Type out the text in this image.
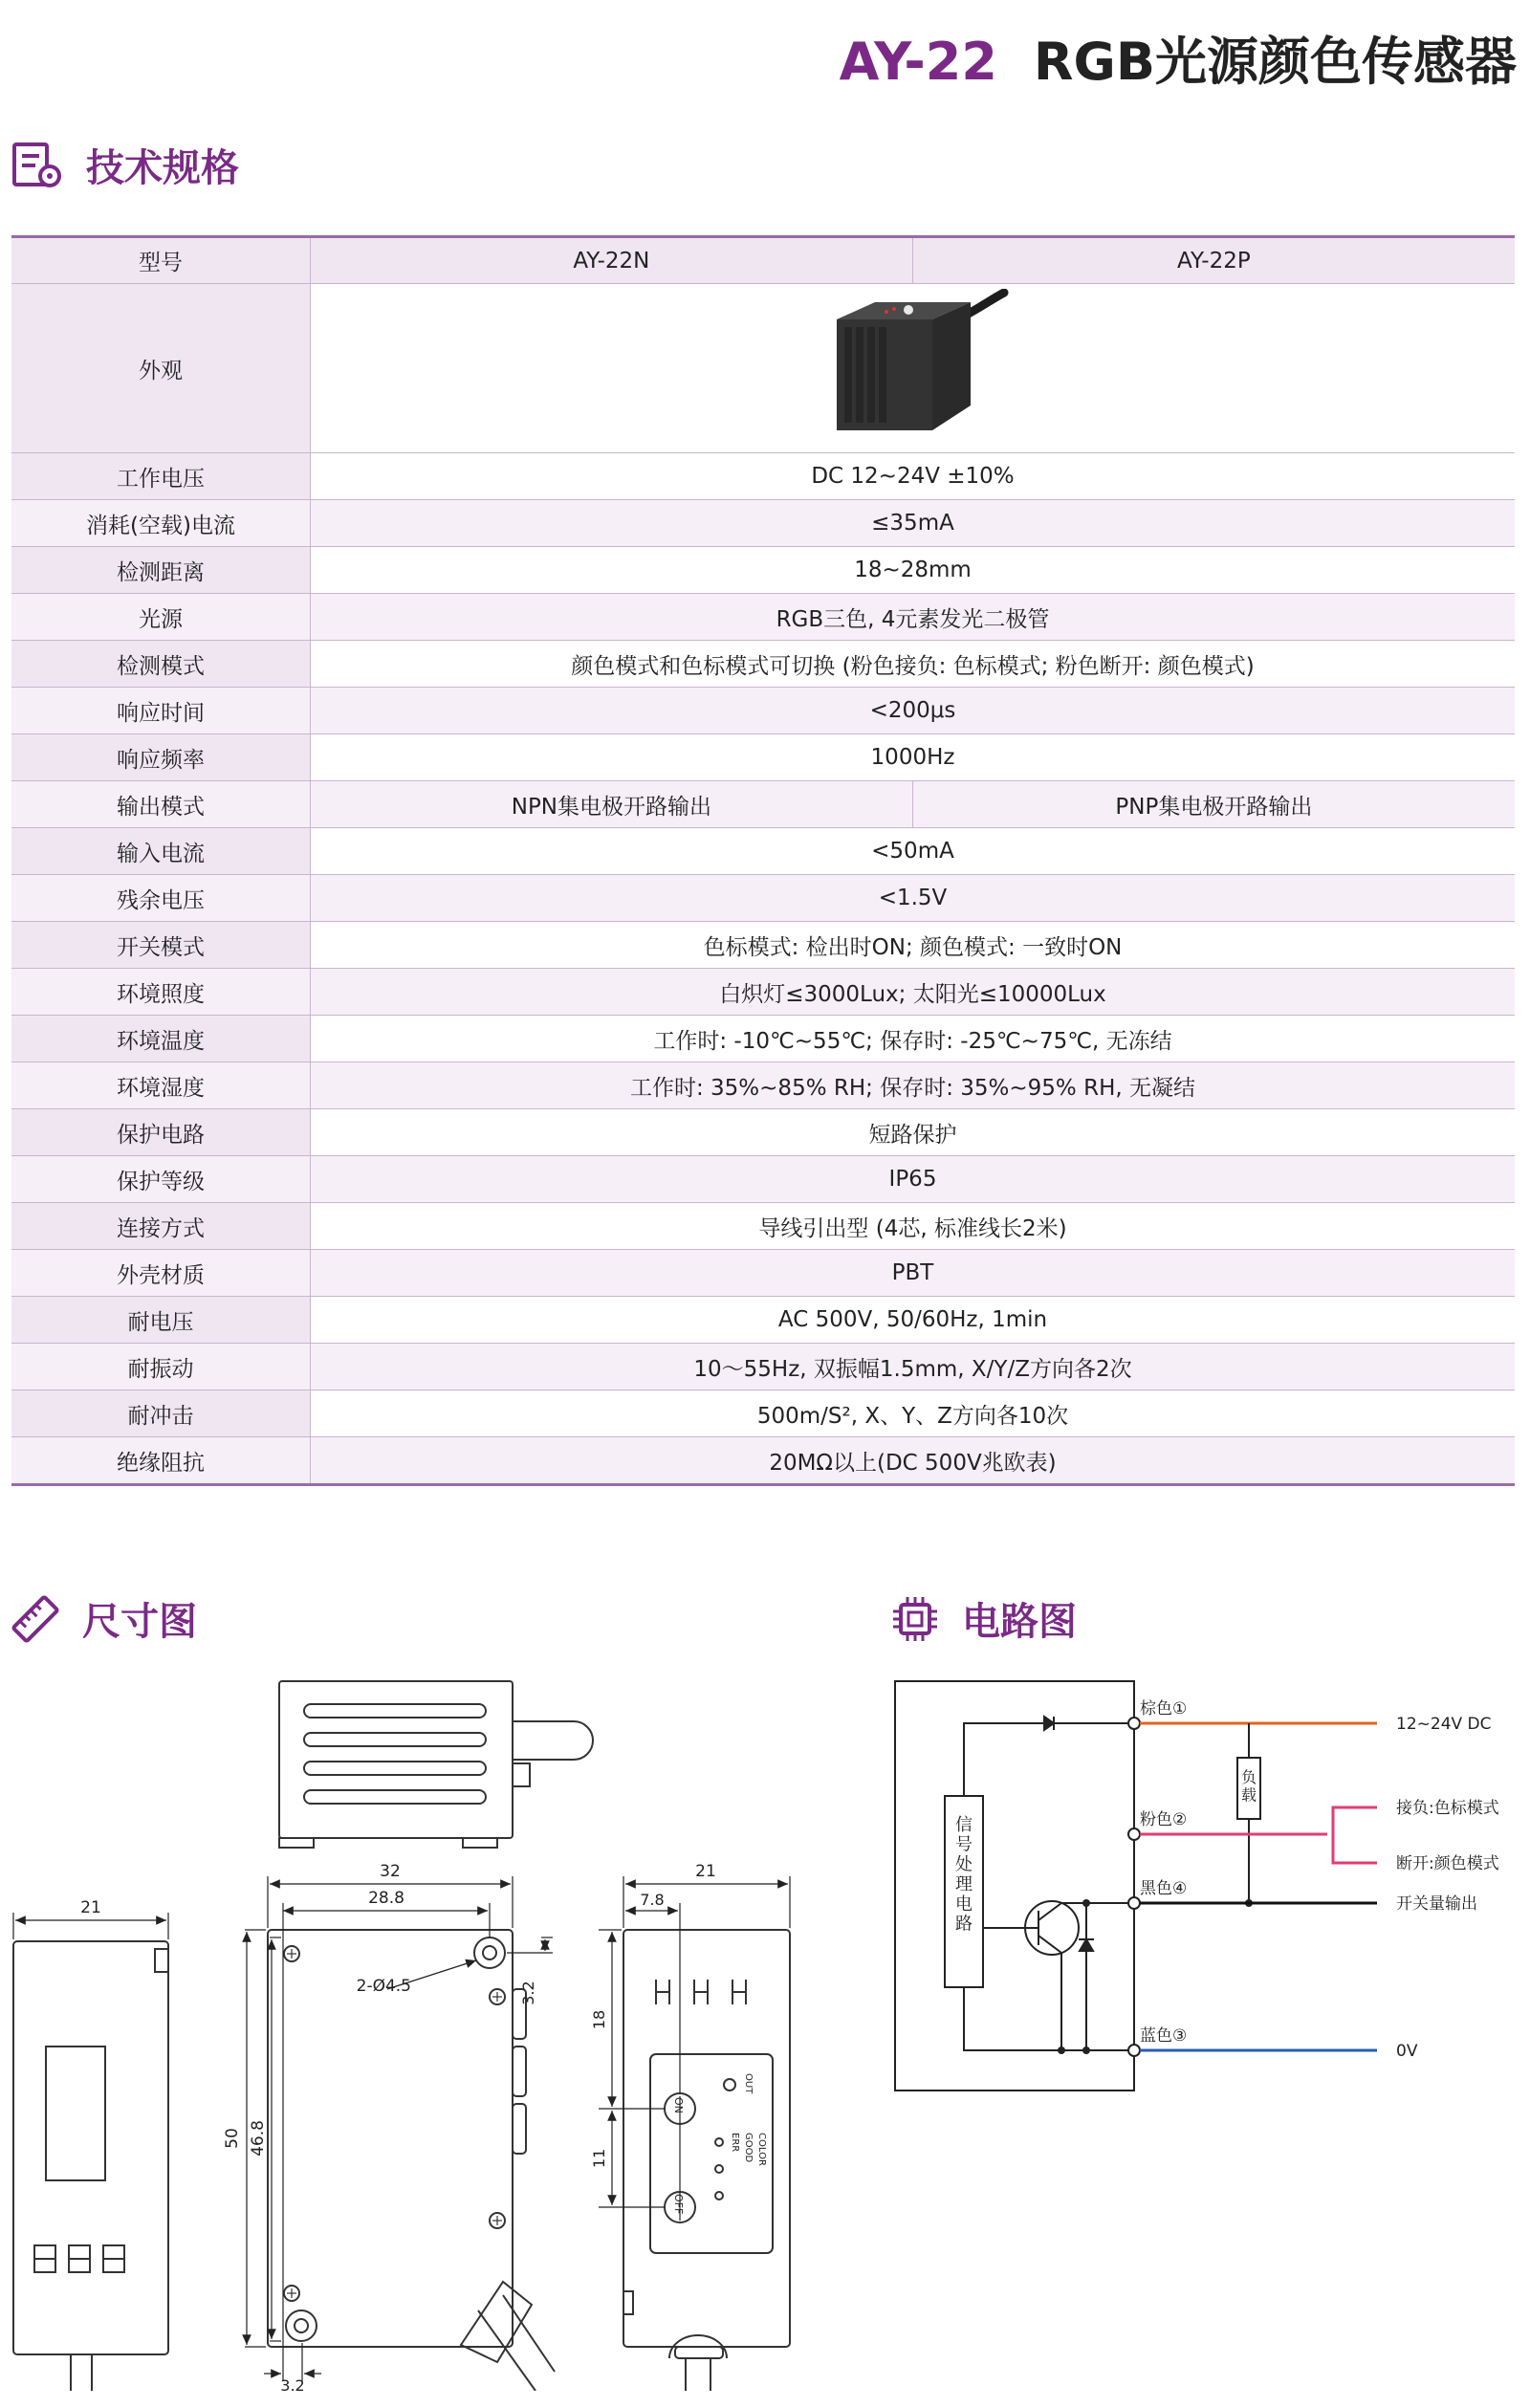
AY-22 RGB光源颜色传感器
技术规格
型号	AY-22N	AY-22P
外观	
工作电压	DC 12~24V ±10%	
消耗(空载)电流	≤35mA	
检测距离	18~28mm	
光源	RGB三色, 4元素发光二极管	
检测模式	颜色模式和色标模式可切换 (粉色接负: 色标模式; 粉色断开: 颜色模式)	
响应时间	<200μs	
响应频率	1000Hz	
输出模式	NPN集电极开路输出	PNP集电极开路输出
输入电流	<50mA	
残余电压	<1.5V	
开关模式	色标模式: 检出时ON; 颜色模式: 一致时ON	
环境照度	白炽灯≤3000Lux; 太阳光≤10000Lux	
环境温度	工作时: -10℃~55℃; 保存时: -25℃~75℃, 无冻结	
环境湿度	工作时: 35%~85% RH; 保存时: 35%~95% RH, 无凝结	
保护电路	短路保护	
保护等级	IP65	
连接方式	导线引出型 (4芯, 标准线长2米)	
外壳材质	PBT	
耐电压	AC 500V, 50/60Hz, 1min	
耐振动	10～55Hz, 双振幅1.5mm, X/Y/Z方向各2次	
耐冲击	500m/S², X、Y、Z方向各10次	
绝缘阻抗	20MΩ以上(DC 500V兆欧表)	
尺寸图	电路图
21
32
28.8
2-Ø4.5	3.2
50 46.8
3.2
21
7.8
18
11
OUT
ON
ERR GOOD COLOR
OFF
负载
信号处理电路
棕色①
粉色②
黑色④
蓝色③
12~24V DC
接负:色标模式
断开:颜色模式
开关量输出
0V
